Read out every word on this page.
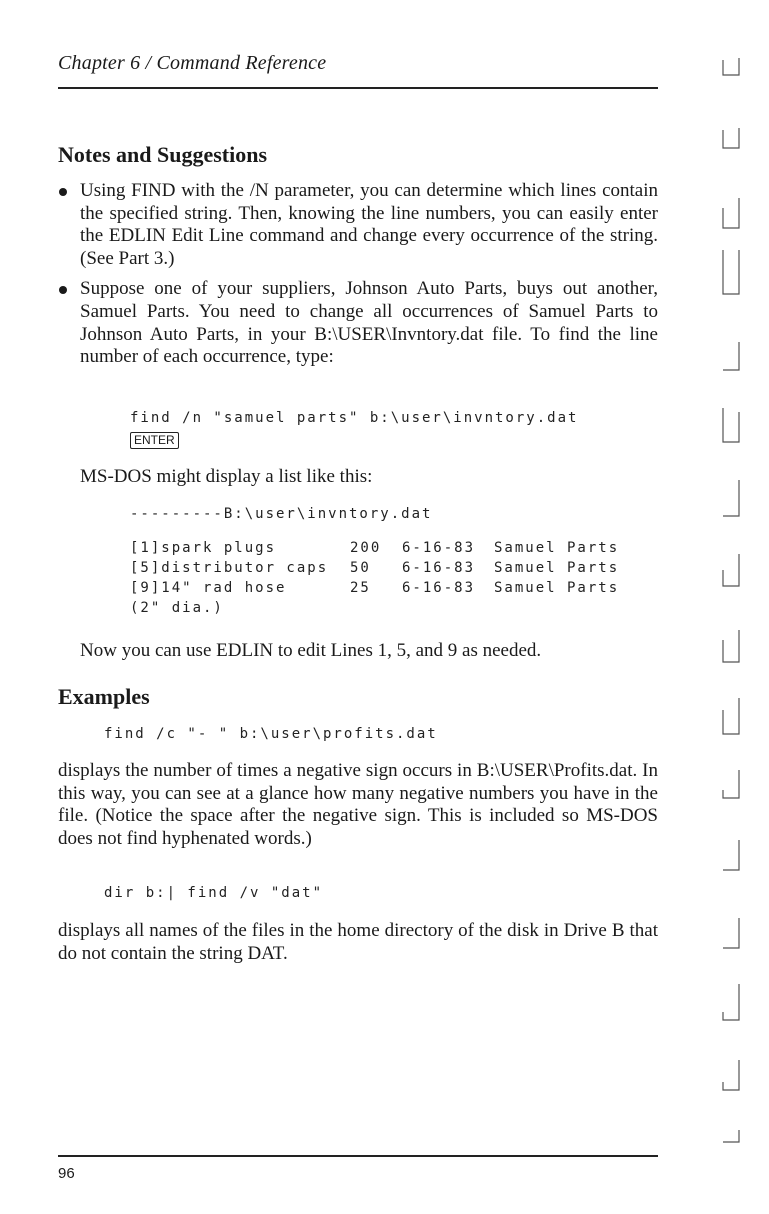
Chapter 6 / Command Reference
Notes and Suggestions
Using FIND with the /N parameter, you can determine which lines contain the specified string. Then, knowing the line numbers, you can easily enter the EDLIN Edit Line command and change every occurrence of the string. (See Part 3.)
Suppose one of your suppliers, Johnson Auto Parts, buys out another, Samuel Parts. You need to change all occurrences of Samuel Parts to Johnson Auto Parts, in your B:\USER\Invntory.dat file. To find the line number of each occurrence, type:
find /n "samuel parts" b:\user\invntory.dat
ENTER
MS-DOS might display a list like this:
---------B:\user\invntory.dat
[1]spark plugs	200	6-16-83	Samuel Parts
[5]distributor caps	50	6-16-83	Samuel Parts
[9]14" rad hose	25	6-16-83	Samuel Parts
(2" dia.)			
Now you can use EDLIN to edit Lines 1, 5, and 9 as needed.
Examples
find /c "- " b:\user\profits.dat
displays the number of times a negative sign occurs in B:\USER\Profits.dat. In this way, you can see at a glance how many negative numbers you have in the file. (Notice the space after the negative sign. This is included so MS-DOS does not find hyphenated words.)
dir b:| find /v "dat"
displays all names of the files in the home directory of the disk in Drive B that do not contain the string DAT.
96
